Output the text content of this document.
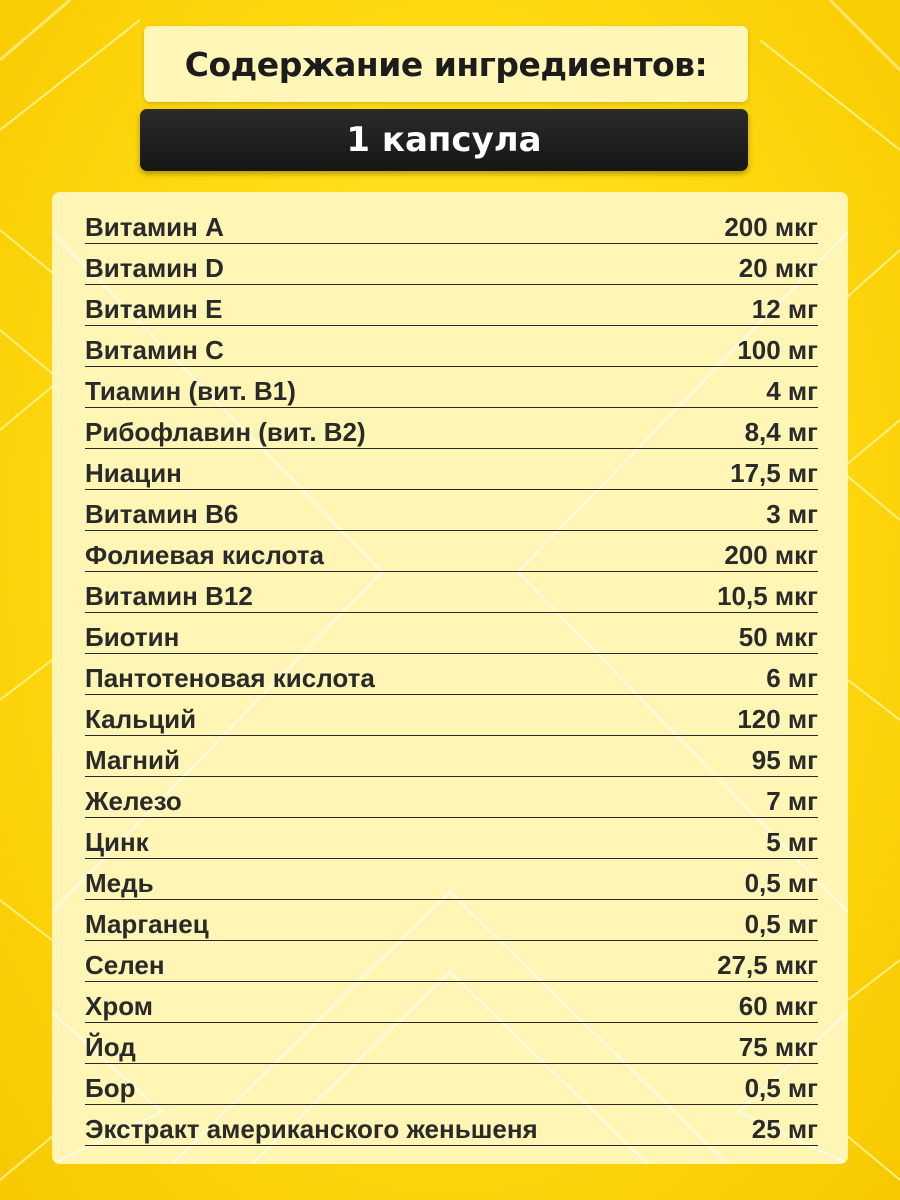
Содержание ингредиентов:
1 капсула
Витамин А	200 мкг
Витамин D	20 мкг
Витамин Е	12 мг
Витамин С	100 мг
Тиамин (вит. В1)	4 мг
Рибофлавин (вит. В2)	8,4 мг
Ниацин	17,5 мг
Витамин В6	3 мг
Фолиевая кислота	200 мкг
Витамин В12	10,5 мкг
Биотин	50 мкг
Пантотеновая кислота	6 мг
Кальций	120 мг
Магний	95 мг
Железо	7 мг
Цинк	5 мг
Медь	0,5 мг
Марганец	0,5 мг
Селен	27,5 мкг
Хром	60 мкг
Йод	75 мкг
Бор	0,5 мг
Экстракт американского женьшеня	25 мг
